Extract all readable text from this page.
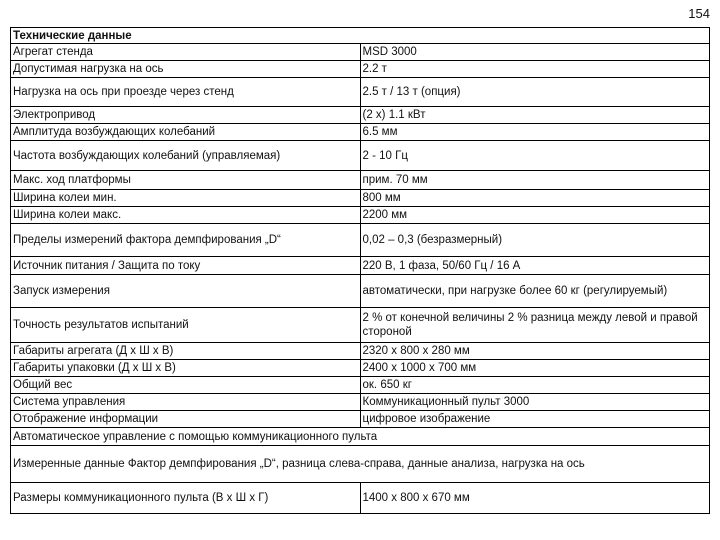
154
Технические данные	
Агрегат стенда	MSD 3000
Допустимая нагрузка на ось	2.2 т
Нагрузка на ось при проезде через стенд	2.5 т / 13 т (опция)
Электропривод	(2 x) 1.1 кВт
Амплитуда возбуждающих колебаний	6.5 мм
Частота возбуждающих колебаний (управляемая)	2 - 10 Гц
Макс. ход платформы	прим. 70 мм
Ширина колеи мин.	800 мм
Ширина колеи макс.	2200 мм
Пределы измерений фактора демпфирования „D“	0,02 – 0,3 (безразмерный)
Источник питания / Защита по току	220 В, 1 фаза, 50/60 Гц / 16 А
Запуск измерения	автоматически, при нагрузке более 60 кг (регулируемый)
Точность результатов испытаний	2 % от конечной величины 2 % разница между левой и правой стороной
Габариты агрегата (Д x Ш x В)	2320 x 800 x 280 мм
Габариты упаковки (Д x Ш x В)	2400 x 1000 x 700 мм
Общий вес	ок. 650 кг
Система управления	Коммуникационный пульт 3000
Отображение информации	цифровое изображение
Автоматическое управление с помощью коммуникационного пульта	
Измеренные данные Фактор демпфирования „D“, разница слева-справа, данные анализа, нагрузка на ось	
Размеры коммуникационного пульта (В x Ш x Г)	1400 x 800 x 670 мм
